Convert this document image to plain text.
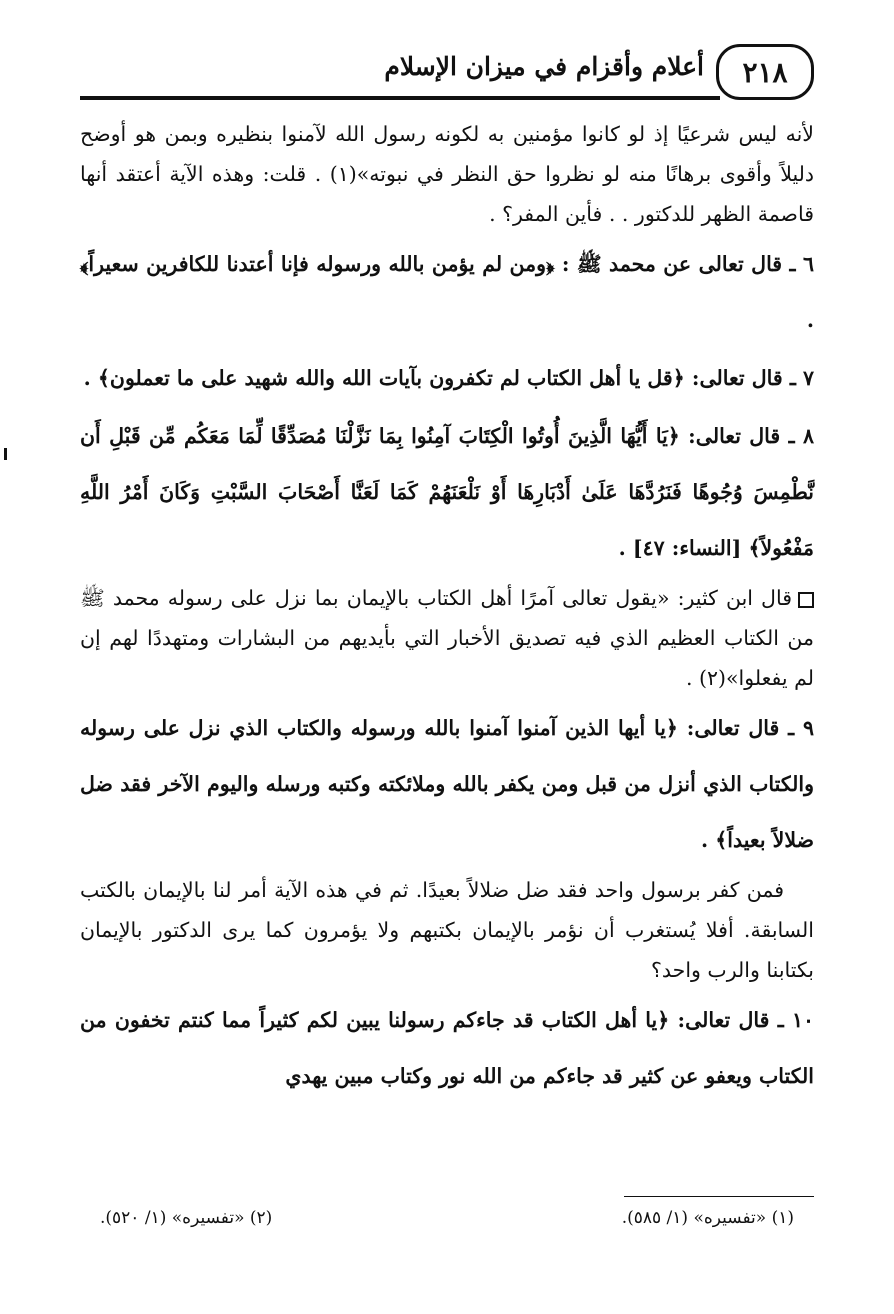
٢١٨
أعلام وأقزام في ميزان الإسلام

لأنه ليس شرعيًا إذ لو كانوا مؤمنين به لكونه رسول الله لآمنوا بنظيره وبمن هو أوضح دليلاً وأقوى برهانًا منه لو نظروا حق النظر في نبوته»(١) . قلت: وهذه الآية أعتقد أنها قاصمة الظهر للدكتور . . فأين المفر؟ .

٦ ـ قال تعالى عن محمد ﷺ : ﴿ومن لم يؤمن بالله ورسوله فإنا أعتدنا للكافرين سعيراً﴾ .

٧ ـ قال تعالى: ﴿قل يا أهل الكتاب لم تكفرون بآيات الله والله شهيد على ما تعملون﴾ .

٨ ـ قال تعالى: ﴿يَا أَيُّهَا الَّذِينَ أُوتُوا الْكِتَابَ آمِنُوا بِمَا نَزَّلْنَا مُصَدِّقًا لِّمَا مَعَكُم مِّن قَبْلِ أَن نَّطْمِسَ وُجُوهًا فَنَرُدَّهَا عَلَىٰ أَدْبَارِهَا أَوْ نَلْعَنَهُمْ كَمَا لَعَنَّا أَصْحَابَ السَّبْتِ وَكَانَ أَمْرُ اللَّهِ مَفْعُولاً﴾ [النساء: ٤٧] .

قال ابن كثير: «يقول تعالى آمرًا أهل الكتاب بالإيمان بما نزل على رسوله محمد ﷺ من الكتاب العظيم الذي فيه تصديق الأخبار التي بأيديهم من البشارات ومتهددًا لهم إن لم يفعلوا»(٢) .

٩ ـ قال تعالى: ﴿يا أيها الذين آمنوا آمنوا بالله ورسوله والكتاب الذي نزل على رسوله والكتاب الذي أنزل من قبل ومن يكفر بالله وملائكته وكتبه ورسله واليوم الآخر فقد ضل ضلالاً بعيداً﴾ .

فمن كفر برسول واحد فقد ضل ضلالاً بعيدًا. ثم في هذه الآية أمر لنا بالإيمان بالكتب السابقة. أفلا يُستغرب أن نؤمر بالإيمان بكتبهم ولا يؤمرون كما يرى الدكتور بالإيمان بكتابنا والرب واحد؟

١٠ ـ قال تعالى: ﴿يا أهل الكتاب قد جاءكم رسولنا يبين لكم كثيراً مما كنتم تخفون من الكتاب ويعفو عن كثير قد جاءكم من الله نور وكتاب مبين يهدي

(١) «تفسيره» (١/ ٥٨٥).
(٢) «تفسيره» (١/ ٥٢٠).
